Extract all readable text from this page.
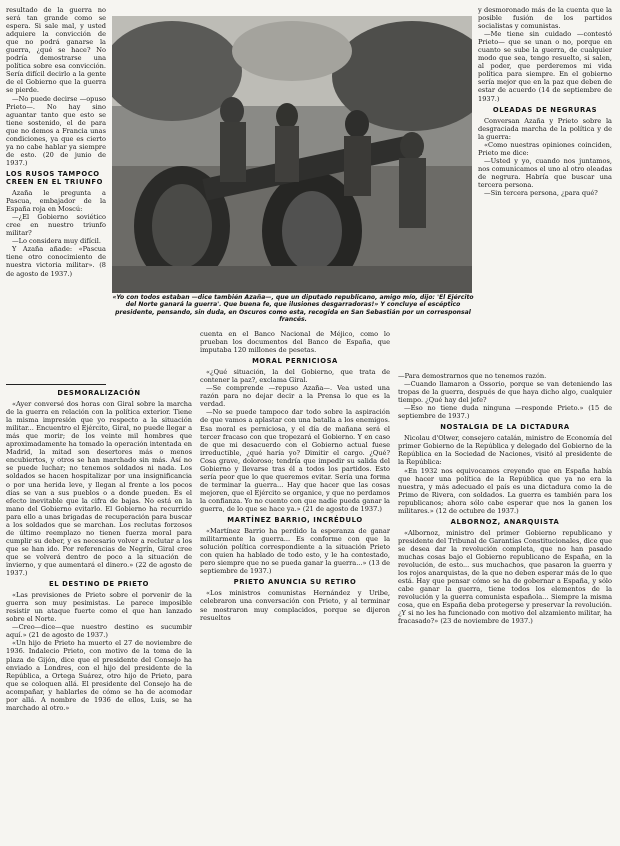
resultado de la guerra no será tan grande como se espera. Si sale mal, y usted adquiere la convicción de que no podrá ganarse la guerra, ¿qué se hace? No podría demostrarse una política sobre esa convicción. Sería difícil decirlo a la gente de el Gobierno que la guerra se pierde.

—No puede decirse —opuso Prieto—. No hay sino aguantar tanto que esto se tiene sostenido, el de para que no demos a Francia unas condiciones, ya que es cierto ya no cabe hablar ya siempre de esto. (20 de junio de 1937.)

LOS RUSOS TAMPOCO CREEN EN EL TRIUNFO

Azaña le pregunta a Pascua, embajador de la España roja en Moscú:

—¿El Gobierno soviético cree en nuestro triunfo militar?

—Lo considera muy difícil.

Y Azaña añade: «Pascua tiene otro conocimiento de nuestra victoria militar». (8 de agosto de 1937.)

«Yo con todos estaban —dice también Azaña—, que un diputado republicano, amigo mío, dijo: 'El Ejército del Norte ganará la guerra'. Que buena fe, que ilusiones desgarradoras!» Y concluye el escéptico presidente, pensando, sin duda, en Oscuros como esta, recogida en San Sebastián por un corresponsal francés.

y desmoronado más de la cuenta que la posible fusión de los partidos socialistas y comunistas.

—Me tiene sin cuidado —contestó Prieto— que se unan o no, porque en cuanto se sube la guerra, de cualquier modo que sea, tengo resuelto, si salen, al poder, que perderemos mi vida política para siempre. En el gobierno sería mejor que en la paz que deben de estar de acuerdo (14 de septiembre de 1937.)

OLEADAS DE NEGRURAS

Conversan Azaña y Prieto sobre la desgraciada marcha de la política y de la guerra:

«Como nuestras opiniones coinciden, Prieto me dice:

—Usted y yo, cuando nos juntamos, nos comunicamos el uno al otro oleadas de negrura. Habría que buscar una tercera persona.

—Sin tercera persona, ¿para qué?

DESMORALIZACIÓN

«Ayer conversé dos horas con Giral sobre la marcha de la guerra en relación con la política exterior. Tiene la misma impresión que yo respecto a la situación militar... Encuentro el Ejército, Giral, no puede llegar a más que morir; de los veinte mil hombres que aproximadamente ha tomado la operación intentada en Madrid, la mitad son desertores más o menos encubiertos, y otros se han marchado sin más. Así no se puede luchar; no tenemos soldados ni nada. Los soldados se hacen hospitalizar por una insignificancia o por una herida leve, y llegan al frente a los pocos días se van a sus pueblos o a donde pueden. Es el efecto inevitable que la cifra de bajas. No está en la mano del Gobierno evitarlo. El Gobierno ha recurrido para ello a unas brigadas de recuperación para buscar a los soldados que se marchan. Los reclutas forzosos de último reemplazo no tienen fuerza moral para cumplir su deber, y es necesario volver a reclutar a los que se han ido. Por referencias de Negrín, Giral cree que se volverá dentro de poco a la situación de invierno, y que aumentará el dinero.» (22 de agosto de 1937.)

EL DESTINO DE PRIETO

«Las previsiones de Prieto sobre el porvenir de la guerra son muy pesimistas. Le parece imposible resistir un ataque fuerte como el que han lanzado sobre el Norte.

—Creo—dice—que nuestro destino es sucumbir aquí.» (21 de agosto de 1937.)

«Un hijo de Prieto ha muerto el 27 de noviembre de 1936. Indalecio Prieto, con motivo de la toma de la plaza de Gijón, dice que el presidente del Consejo ha enviado a Londres, con el hijo del presidente de la República, a Ortega Suárez, otro hijo de Prieto, para que se coloquen allá. El presidente del Consejo ha de acompañar, y hablarles de cómo se ha de acomodar por allá. A nombre de 1936 de ellos, Luis, se ha marchado al otro.»

cuenta en el Banco Nacional de Méjico, como lo prueban los documentos del Banco de España, que imputaba 120 millones de pesetas.

MORAL PERNICIOSA

«¿Qué situación, la del Gobierno, que trata de contener la paz?, exclama Giral.

—Se comprende —repuso Azaña—. Vea usted una razón para no dejar decir a la Prensa lo que es la verdad.

—No se puede tampoco dar todo sobre la aspiración de que vamos a aplastar con una batalla a los enemigos. Esa moral es perniciosa, y el día de mañana será el tercer fracaso con que tropezará el Gobierno. Y en caso de que mi desacuerdo con el Gobierno actual fuese irreductible, ¿qué haría yo? Dimitir el cargo. ¿Qué? Cosa grave, doloroso; tendría que impedir su salida del Gobierno y llevarse tras él a todos los partidos. Esto sería peor que lo que queremos evitar. Sería una forma de terminar la guerra... Hay que hacer que las cosas mejoren, que el Ejército se organice, y que no perdamos la confianza. Yo no cuento con que nadie pueda ganar la guerra, de lo que se hace ya.» (21 de agosto de 1937.)

MARTÍNEZ BARRIO, INCRÉDULO

«Martínez Barrio ha perdido la esperanza de ganar militarmente la guerra... Es conforme con que la solución política correspondiente a la situación Prieto con quien ha hablado de todo esto, y le ha contestado, pero siempre que no se pueda ganar la guerra...» (13 de septiembre de 1937.)

PRIETO ANUNCIA SU RETIRO

«Los ministros comunistas Hernández y Uribe, celebraron una conversación con Prieto, y al terminar se mostraron muy complacidos, porque se dijeron resueltos

—Para demostrarnos que no tenemos razón.

—Cuando llamaron a Ossorio, porque se van deteniendo las tropas de la guerra, después de que haya dicho algo, cualquier tiempo. ¿Qué hay del jefe?

—Eso no tiene duda ninguna —responde Prieto.» (15 de septiembre de 1937.)

NOSTALGIA DE LA DICTADURA

Nicolau d'Olwer, consejero catalán, ministro de Economía del primer Gobierno de la República y delegado del Gobierno de la República en la Sociedad de Naciones, visitó al presidente de la República:

«En 1932 nos equivocamos creyendo que en España había que hacer una política de la República que ya no era la nuestra, y más adecuado el país es una dictadura como la de Primo de Rivera, con soldados. La guerra es también para los republicanos; ahora sólo cabe esperar que nos la ganen los militares.» (12 de octubre de 1937.)

ALBORNOZ, ANARQUISTA

«Albornoz, ministro del primer Gobierno republicano y presidente del Tribunal de Garantías Constitucionales, dice que se desea dar la revolución completa, que no han pasado muchas cosas bajo el Gobierno republicano de España, en la revolución, de esto... sus muchachos, que pasaron la guerra y los rojos anarquistas, de la que no deben esperar más de lo que está. Hay que pensar cómo se ha de gobernar a España, y sólo cabe ganar la guerra, tiene todos los elementos de la revolución y la guerra comunista española... Siempre la misma cosa, que en España deba protegerse y preservar la revolución. ¿Y si no les ha funcionado con motivo del alzamiento militar, ha fracasado?» (23 de noviembre de 1937.)
